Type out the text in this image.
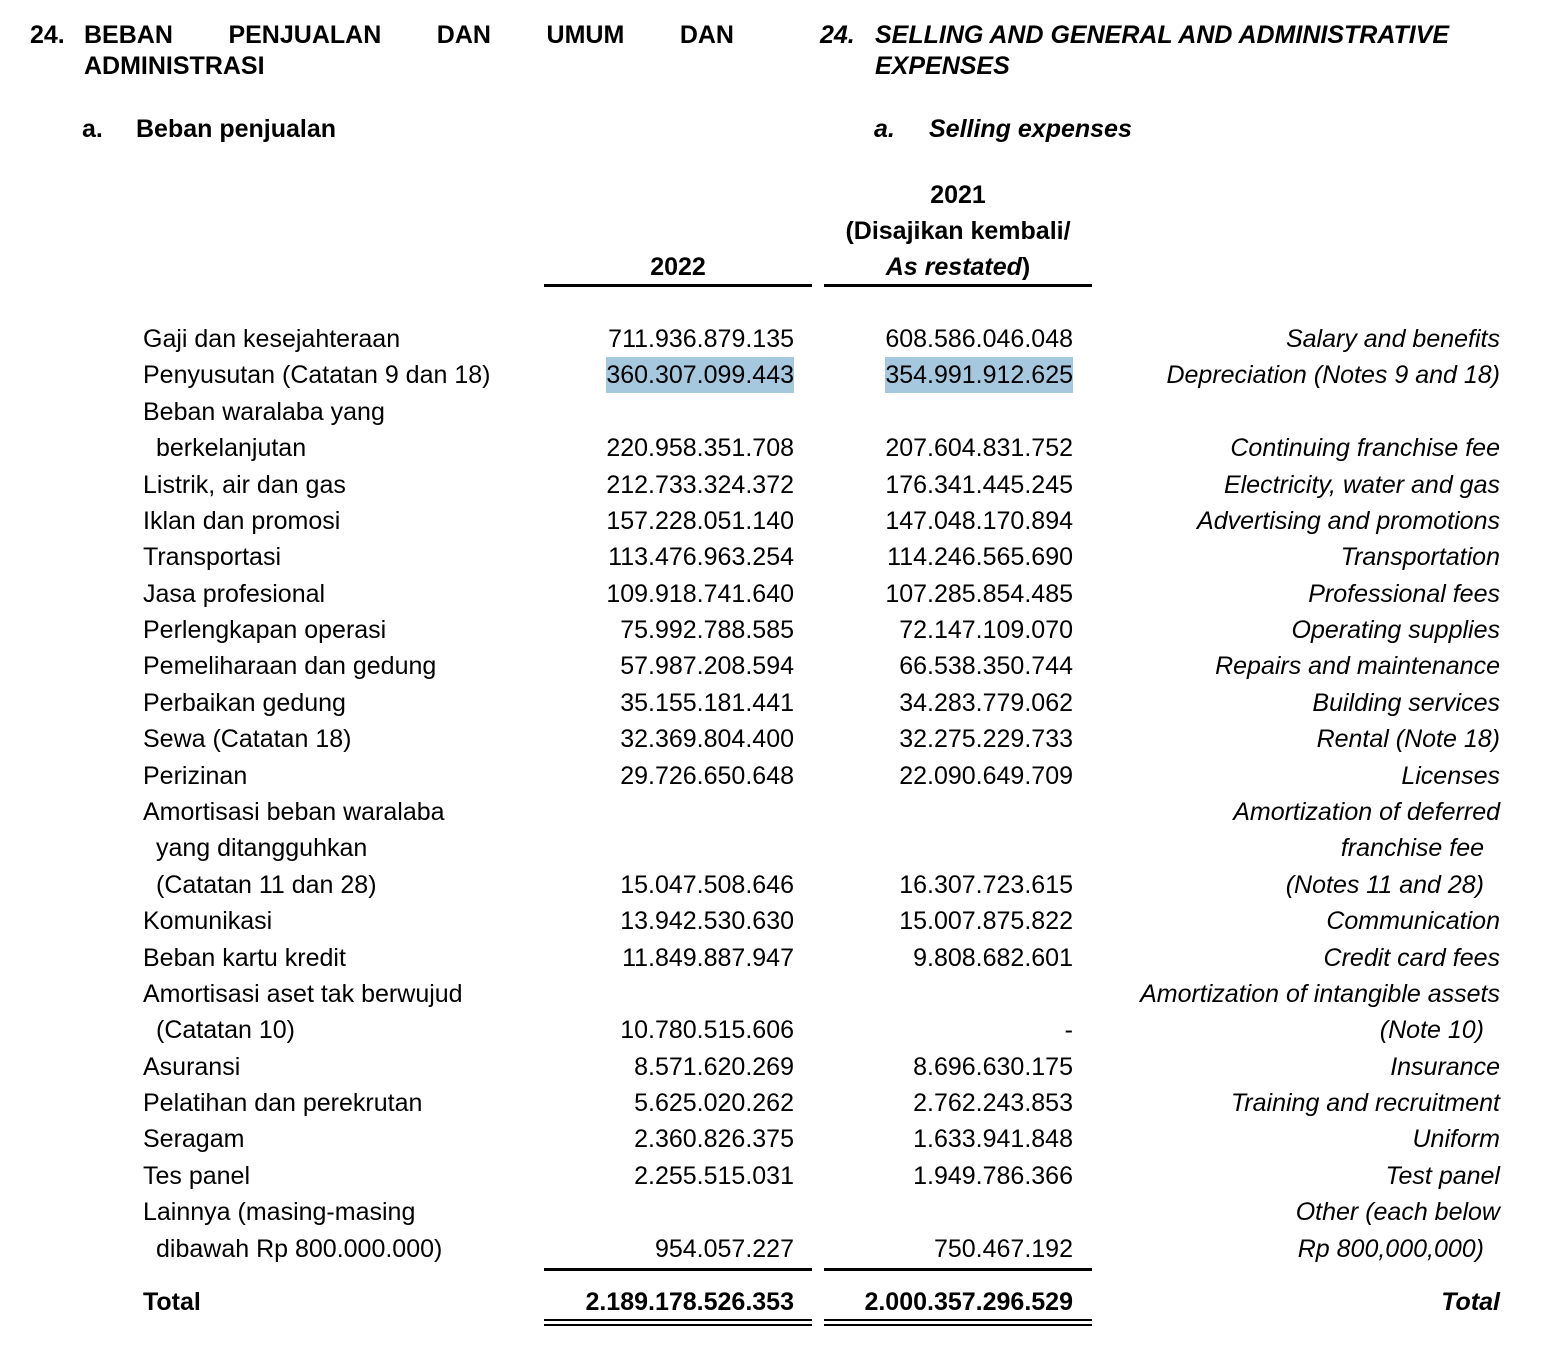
24. BEBAN PENJUALAN DAN UMUM DAN
ADMINISTRASI
24. SELLING AND GENERAL AND ADMINISTRATIVE
EXPENSES
a. Beban penjualan	a. Selling expenses
2022
2021
(Disajikan kembali/
As restated)
Gaji dan kesejahteraan	711.936.879.135	608.586.046.048	Salary and benefits
Penyusutan (Catatan 9 dan 18)	360.307.099.443	354.991.912.625	Depreciation (Notes 9 and 18)
Beban waralaba yang
berkelanjutan	220.958.351.708	207.604.831.752	Continuing franchise fee
Listrik, air dan gas	212.733.324.372	176.341.445.245	Electricity, water and gas
Iklan dan promosi	157.228.051.140	147.048.170.894	Advertising and promotions
Transportasi	113.476.963.254	114.246.565.690	Transportation
Jasa profesional	109.918.741.640	107.285.854.485	Professional fees
Perlengkapan operasi	75.992.788.585	72.147.109.070	Operating supplies
Pemeliharaan dan gedung	57.987.208.594	66.538.350.744	Repairs and maintenance
Perbaikan gedung	35.155.181.441	34.283.779.062	Building services
Sewa (Catatan 18)	32.369.804.400	32.275.229.733	Rental (Note 18)
Perizinan	29.726.650.648	22.090.649.709	Licenses
Amortisasi beban waralaba	Amortization of deferred
yang ditangguhkan	franchise fee
(Catatan 11 dan 28)	15.047.508.646	16.307.723.615	(Notes 11 and 28)
Komunikasi	13.942.530.630	15.007.875.822	Communication
Beban kartu kredit	11.849.887.947	9.808.682.601	Credit card fees
Amortisasi aset tak berwujud	Amortization of intangible assets
(Catatan 10)	10.780.515.606	-	(Note 10)
Asuransi	8.571.620.269	8.696.630.175	Insurance
Pelatihan dan perekrutan	5.625.020.262	2.762.243.853	Training and recruitment
Seragam	2.360.826.375	1.633.941.848	Uniform
Tes panel	2.255.515.031	1.949.786.366	Test panel
Lainnya (masing-masing	Other (each below
dibawah Rp 800.000.000)	954.057.227	750.467.192	Rp 800,000,000)
Total	2.189.178.526.353	2.000.357.296.529	Total
